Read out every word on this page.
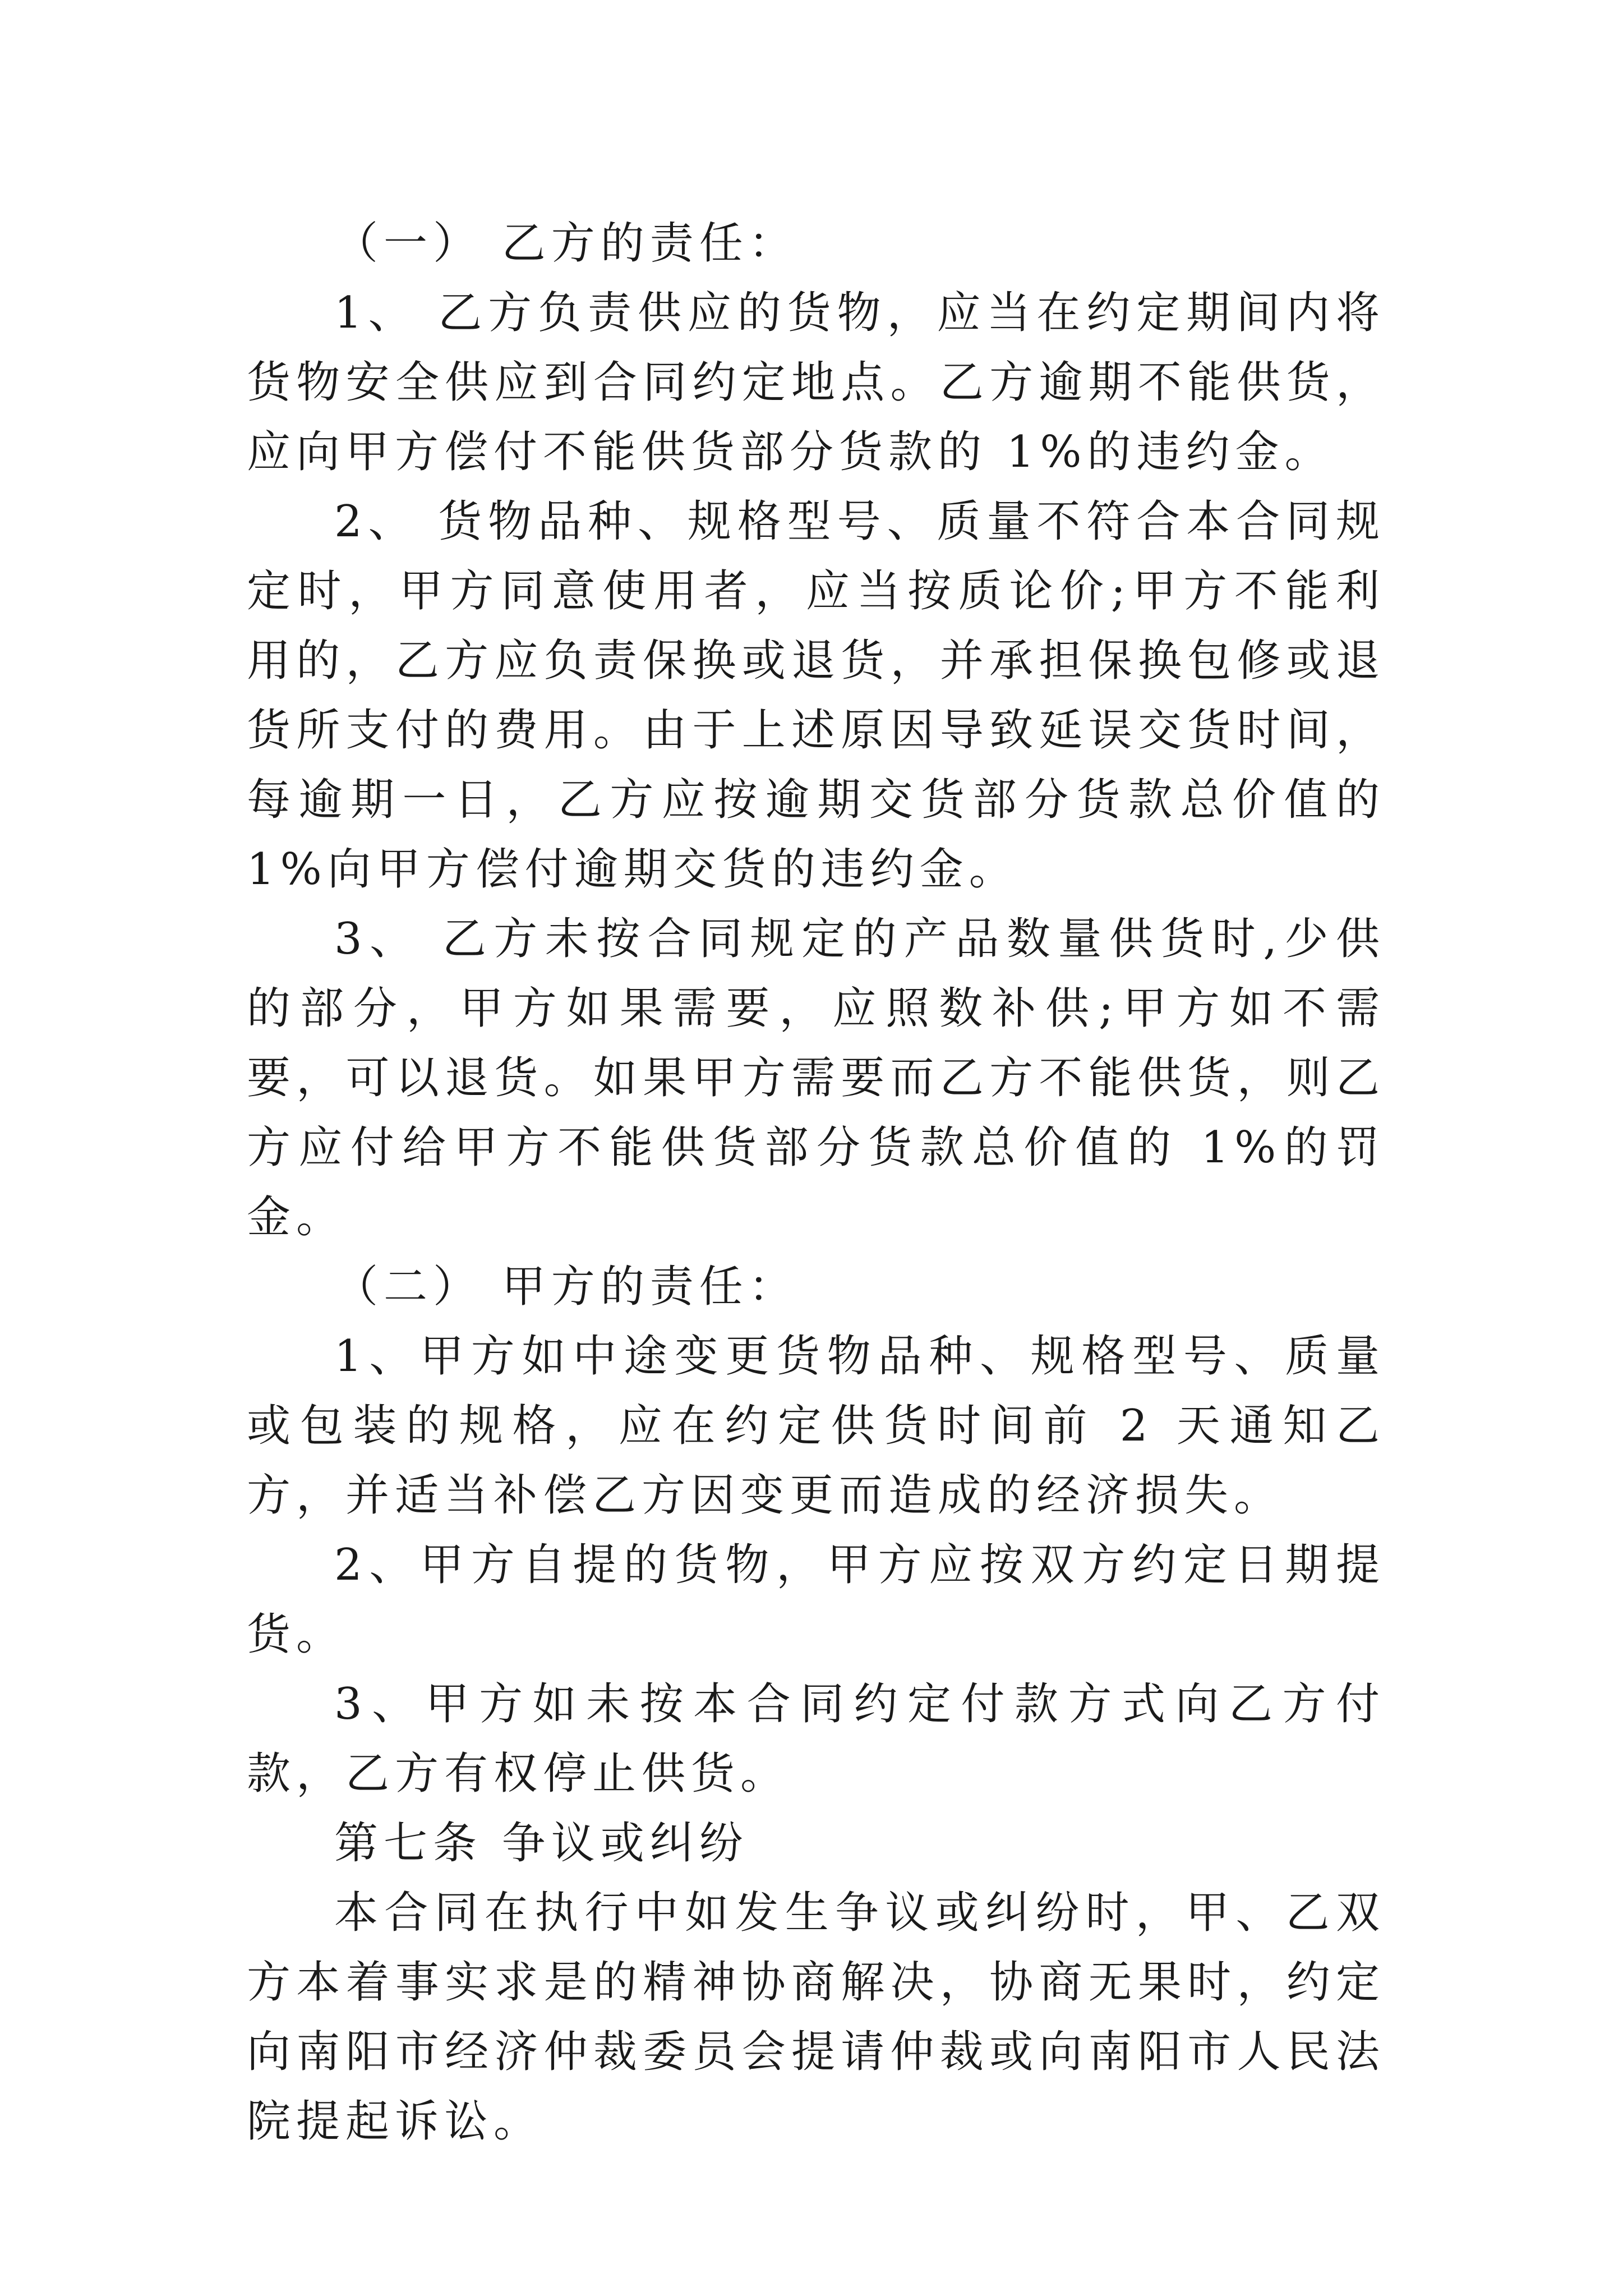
（一） 乙方的责任：

1、 乙方负责供应的货物，应当在约定期间内将货物安全供应到合同约定地点。乙方逾期不能供货，应向甲方偿付不能供货部分货款的 1%的违约金。

2、 货物品种、规格型号、质量不符合本合同规定时，甲方同意使用者，应当按质论价;甲方不能利用的，乙方应负责保换或退货，并承担保换包修或退货所支付的费用。由于上述原因导致延误交货时间，每逾期一日，乙方应按逾期交货部分货款总价值的 1%向甲方偿付逾期交货的违约金。

3、 乙方未按合同规定的产品数量供货时,少供的部分，甲方如果需要，应照数补供;甲方如不需要，可以退货。如果甲方需要而乙方不能供货，则乙方应付给甲方不能供货部分货款总价值的 1%的罚金。

（二） 甲方的责任：

1、甲方如中途变更货物品种、规格型号、质量或包装的规格，应在约定供货时间前 2 天通知乙方，并适当补偿乙方因变更而造成的经济损失。

2、甲方自提的货物，甲方应按双方约定日期提货。

3、甲方如未按本合同约定付款方式向乙方付款，乙方有权停止供货。

第七条 争议或纠纷

本合同在执行中如发生争议或纠纷时，甲、乙双方本着事实求是的精神协商解决，协商无果时，约定向南阳市经济仲裁委员会提请仲裁或向南阳市人民法院提起诉讼。
